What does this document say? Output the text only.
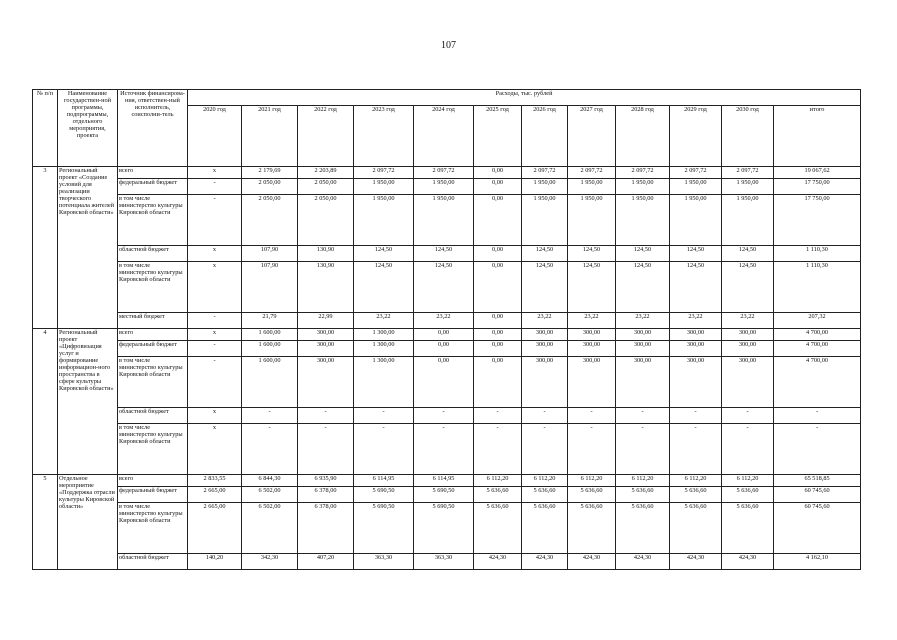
107
№ п/п	Наименование государствен-ной программы, подпрограммы, отдельного мероприятия, проекта	Источник финансирова-ния, ответствен-ный исполнитель, соисполни-тель	Расходы, тыс. рублей											
			2020 год	2021 год	2022 год	2023 год	2024 год	2025 год	2026 год	2027 год	2028 год	2029 год	2030 год	итого
3	Региональный проект «Создание условий для реализации творческого потенциала жителей Кировской области»	всего	х	2 179,69	2 203,89	2 097,72	2 097,72	0,00	2 097,72	2 097,72	2 097,72	2 097,72	2 097,72	19 067,62
		федеральный бюджет	-	2 050,00	2 050,00	1 950,00	1 950,00	0,00	1 950,00	1 950,00	1 950,00	1 950,00	1 950,00	17 750,00
		в том числе министерство культуры Кировской области	-	2 050,00	2 050,00	1 950,00	1 950,00	0,00	1 950,00	1 950,00	1 950,00	1 950,00	1 950,00	17 750,00
		областной бюджет	х	107,90	130,90	124,50	124,50	0,00	124,50	124,50	124,50	124,50	124,50	1 110,30
		в том числе министерство культуры Кировской области	х	107,90	130,90	124,50	124,50	0,00	124,50	124,50	124,50	124,50	124,50	1 110,30
		местный бюджет	-	21,79	22,99	23,22	23,22	0,00	23,22	23,22	23,22	23,22	23,22	207,32
4	Региональный проект «Цифровизация услуг и формирование информацион-ного пространства в сфере культуры Кировской области»	всего	х	1 600,00	300,00	1 300,00	0,00	0,00	300,00	300,00	300,00	300,00	300,00	4 700,00
		федеральный бюджет	-	1 600,00	300,00	1 300,00	0,00	0,00	300,00	300,00	300,00	300,00	300,00	4 700,00
		в том числе министерство культуры Кировской области	-	1 600,00	300,00	1 300,00	0,00	0,00	300,00	300,00	300,00	300,00	300,00	4 700,00
		областной бюджет	х	-	-	-	-	-	-	-	-	-	-	-
		в том числе министерство культуры Кировской области	х	-	-	-	-	-	-	-	-	-	-	-
5	Отдельное мероприятие «Поддержка отрасли культуры Кировской области»	всего	2 833,55	6 844,30	6 935,90	6 114,95	6 114,95	6 112,20	6 112,20	6 112,20	6 112,20	6 112,20	6 112,20	65 518,85
		федеральный бюджет	2 665,00	6 502,00	6 378,00	5 690,50	5 690,50	5 636,60	5 636,60	5 636,60	5 636,60	5 636,60	5 636,60	60 745,60
		в том числе министерство культуры Кировской области	2 665,00	6 502,00	6 378,00	5 690,50	5 690,50	5 636,60	5 636,60	5 636,60	5 636,60	5 636,60	5 636,60	60 745,60
		областной бюджет	140,20	342,30	407,20	363,30	363,30	424,30	424,30	424,30	424,30	424,30	424,30	4 162,10
